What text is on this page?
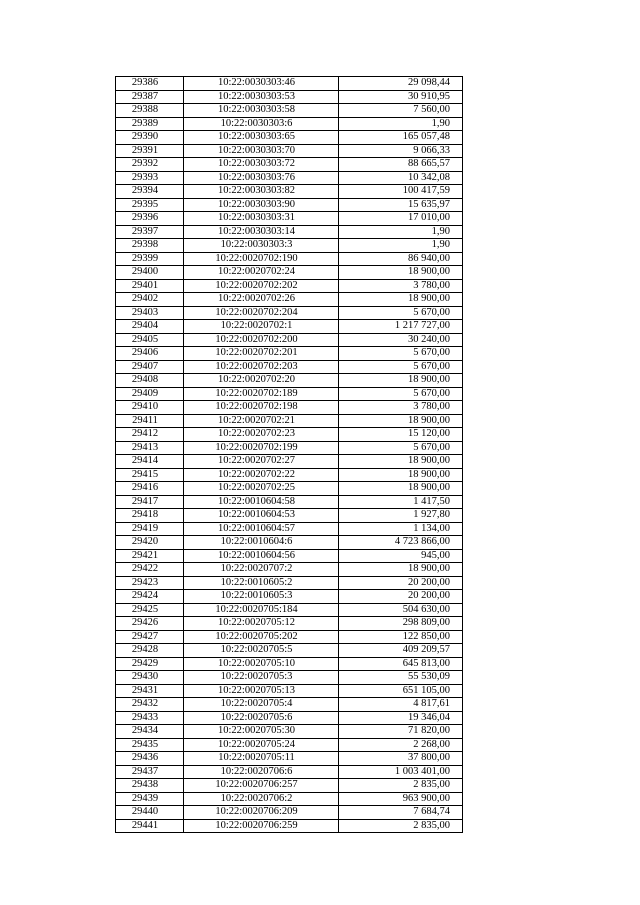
29386	10:22:0030303:46	29 098,44
29387	10:22:0030303:53	30 910,95
29388	10:22:0030303:58	7 560,00
29389	10:22:0030303:6	1,90
29390	10:22:0030303:65	165 057,48
29391	10:22:0030303:70	9 066,33
29392	10:22:0030303:72	88 665,57
29393	10:22:0030303:76	10 342,08
29394	10:22:0030303:82	100 417,59
29395	10:22:0030303:90	15 635,97
29396	10:22:0030303:31	17 010,00
29397	10:22:0030303:14	1,90
29398	10:22:0030303:3	1,90
29399	10:22:0020702:190	86 940,00
29400	10:22:0020702:24	18 900,00
29401	10:22:0020702:202	3 780,00
29402	10:22:0020702:26	18 900,00
29403	10:22:0020702:204	5 670,00
29404	10:22:0020702:1	1 217 727,00
29405	10:22:0020702:200	30 240,00
29406	10:22:0020702:201	5 670,00
29407	10:22:0020702:203	5 670,00
29408	10:22:0020702:20	18 900,00
29409	10:22:0020702:189	5 670,00
29410	10:22:0020702:198	3 780,00
29411	10:22:0020702:21	18 900,00
29412	10:22:0020702:23	15 120,00
29413	10:22:0020702:199	5 670,00
29414	10:22:0020702:27	18 900,00
29415	10:22:0020702:22	18 900,00
29416	10:22:0020702:25	18 900,00
29417	10:22:0010604:58	1 417,50
29418	10:22:0010604:53	1 927,80
29419	10:22:0010604:57	1 134,00
29420	10:22:0010604:6	4 723 866,00
29421	10:22:0010604:56	945,00
29422	10:22:0020707:2	18 900,00
29423	10:22:0010605:2	20 200,00
29424	10:22:0010605:3	20 200,00
29425	10:22:0020705:184	504 630,00
29426	10:22:0020705:12	298 809,00
29427	10:22:0020705:202	122 850,00
29428	10:22:0020705:5	409 209,57
29429	10:22:0020705:10	645 813,00
29430	10:22:0020705:3	55 530,09
29431	10:22:0020705:13	651 105,00
29432	10:22:0020705:4	4 817,61
29433	10:22:0020705:6	19 346,04
29434	10:22:0020705:30	71 820,00
29435	10:22:0020705:24	2 268,00
29436	10:22:0020705:11	37 800,00
29437	10:22:0020706:6	1 003 401,00
29438	10:22:0020706:257	2 835,00
29439	10:22:0020706:2	963 900,00
29440	10:22:0020706:209	7 684,74
29441	10:22:0020706:259	2 835,00
